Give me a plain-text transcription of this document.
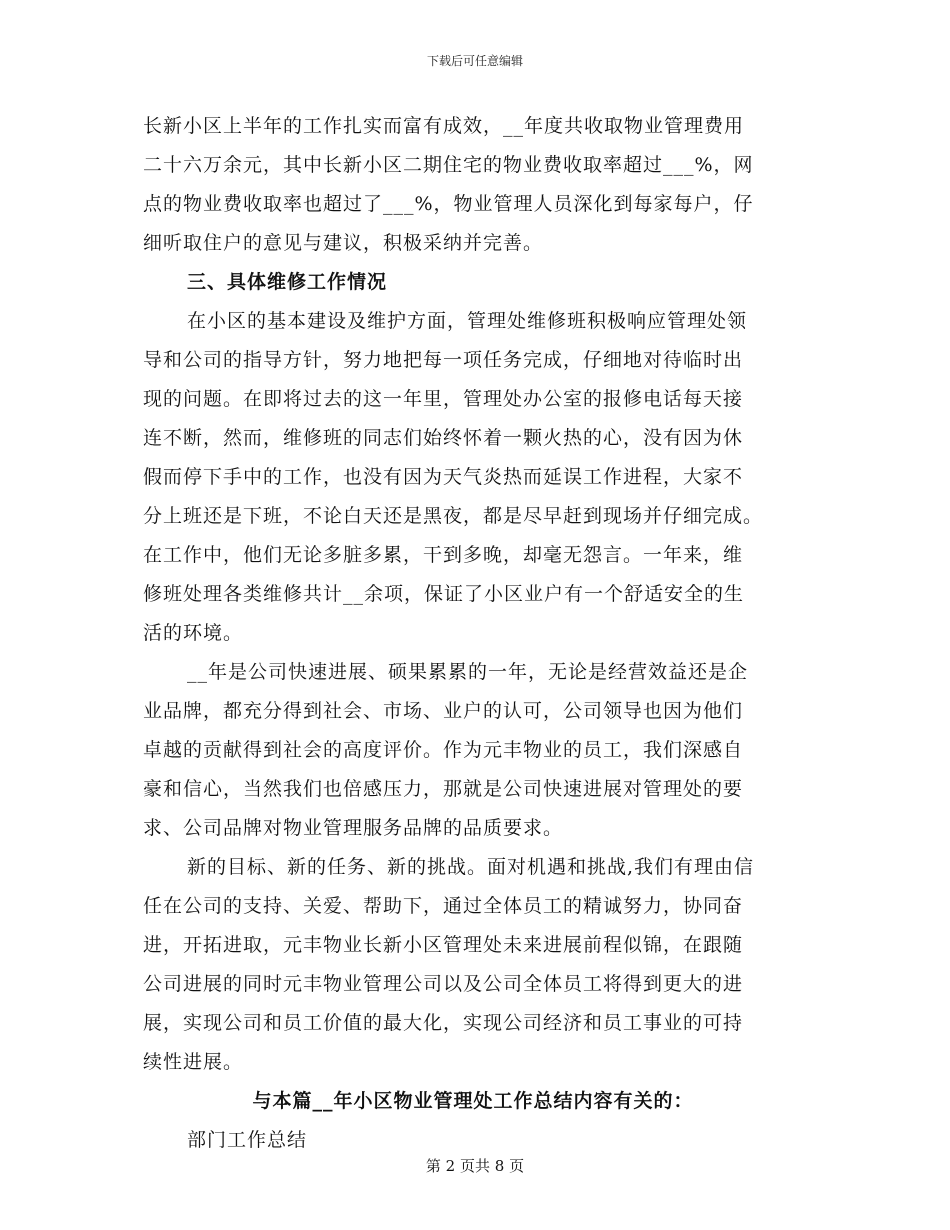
下载后可任意编辑

长新小区上半年的工作扎实而富有成效，__年度共收取物业管理费用

二十六万余元，其中长新小区二期住宅的物业费收取率超过___%，网

点的物业费收取率也超过了___%，物业管理人员深化到每家每户，仔

细听取住户的意见与建议，积极采纳并完善。

三、具体维修工作情况

在小区的基本建设及维护方面，管理处维修班积极响应管理处领

导和公司的指导方针，努力地把每一项任务完成，仔细地对待临时出

现的问题。在即将过去的这一年里，管理处办公室的报修电话每天接

连不断，然而，维修班的同志们始终怀着一颗火热的心，没有因为休

假而停下手中的工作，也没有因为天气炎热而延误工作进程，大家不

分上班还是下班，不论白天还是黑夜，都是尽早赶到现场并仔细完成。

在工作中，他们无论多脏多累，干到多晚，却毫无怨言。一年来，维

修班处理各类维修共计__余项，保证了小区业户有一个舒适安全的生

活的环境。

__年是公司快速进展、硕果累累的一年，无论是经营效益还是企

业品牌，都充分得到社会、市场、业户的认可，公司领导也因为他们

卓越的贡献得到社会的高度评价。作为元丰物业的员工，我们深感自

豪和信心，当然我们也倍感压力，那就是公司快速进展对管理处的要

求、公司品牌对物业管理服务品牌的品质要求。

新的目标、新的任务、新的挑战。面对机遇和挑战,我们有理由信

任在公司的支持、关爱、帮助下，通过全体员工的精诚努力，协同奋

进，开拓进取，元丰物业长新小区管理处未来进展前程似锦，在跟随

公司进展的同时元丰物业管理公司以及公司全体员工将得到更大的进

展，实现公司和员工价值的最大化，实现公司经济和员工事业的可持

续性进展。

与本篇__年小区物业管理处工作总结内容有关的：

部门工作总结

第 2 页共 8 页
